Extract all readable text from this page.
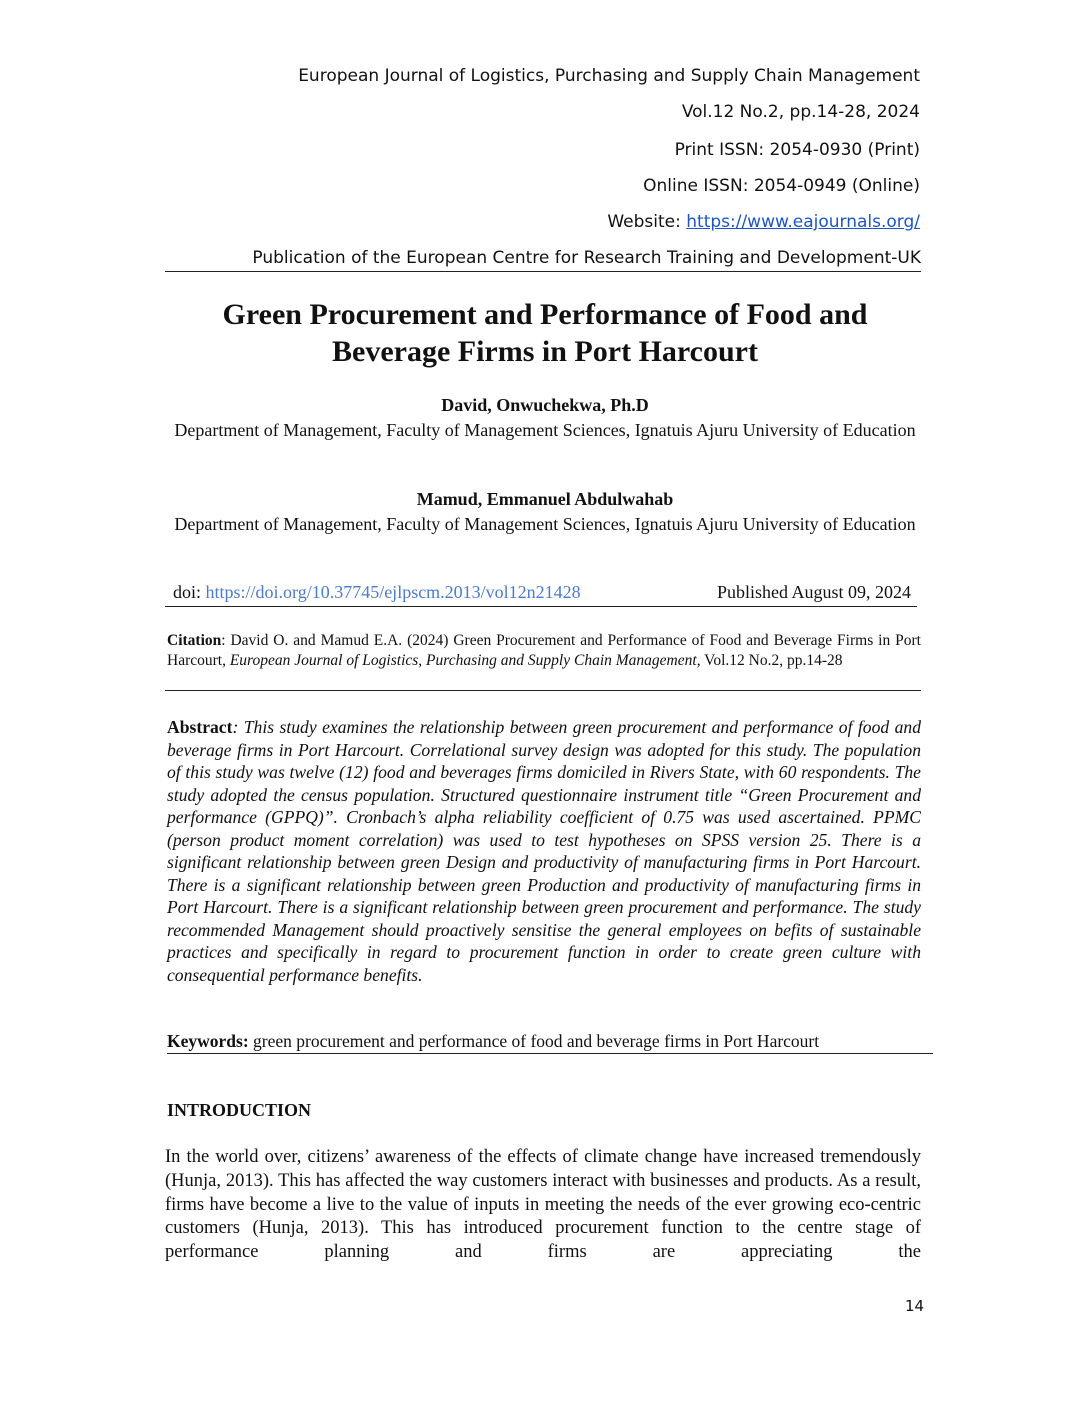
European Journal of Logistics, Purchasing and Supply Chain Management
Vol.12 No.2, pp.14-28, 2024
Print ISSN: 2054-0930 (Print)
Online ISSN: 2054-0949 (Online)
Website: https://www.eajournals.org/
Publication of the European Centre for Research Training and Development-UK
Green Procurement and Performance of Food and
Beverage Firms in Port Harcourt
David, Onwuchekwa, Ph.D
Department of Management, Faculty of Management Sciences, Ignatuis Ajuru University of Education
Mamud, Emmanuel Abdulwahab
Department of Management, Faculty of Management Sciences, Ignatuis Ajuru University of Education
doi: https://doi.org/10.37745/ejlpscm.2013/vol12n21428	Published August 09, 2024
Citation: David O. and Mamud E.A. (2024) Green Procurement and Performance of Food and Beverage Firms in Port Harcourt, European Journal of Logistics, Purchasing and Supply Chain Management, Vol.12 No.2, pp.14-28
Abstract: This study examines the relationship between green procurement and performance of food and beverage firms in Port Harcourt. Correlational survey design was adopted for this study. The population of this study was twelve (12) food and beverages firms domiciled in Rivers State, with 60 respondents. The study adopted the census population. Structured questionnaire instrument title “Green Procurement and performance (GPPQ)”. Cronbach’s alpha reliability coefficient of 0.75 was used ascertained. PPMC (person product moment correlation) was used to test hypotheses on SPSS version 25. There is a significant relationship between green Design and productivity of manufacturing firms in Port Harcourt. There is a significant relationship between green Production and productivity of manufacturing firms in Port Harcourt. There is a significant relationship between green procurement and performance. The study recommended Management should proactively sensitise the general employees on befits of sustainable practices and specifically in regard to procurement function in order to create green culture with consequential performance benefits.
Keywords: green procurement and performance of food and beverage firms in Port Harcourt
INTRODUCTION
In the world over, citizens’ awareness of the effects of climate change have increased tremendously (Hunja, 2013). This has affected the way customers interact with businesses and products. As a result, firms have become a live to the value of inputs in meeting the needs of the ever growing eco-centric customers (Hunja, 2013). This has introduced procurement function to the centre stage of performance planning and firms are appreciating the
14
